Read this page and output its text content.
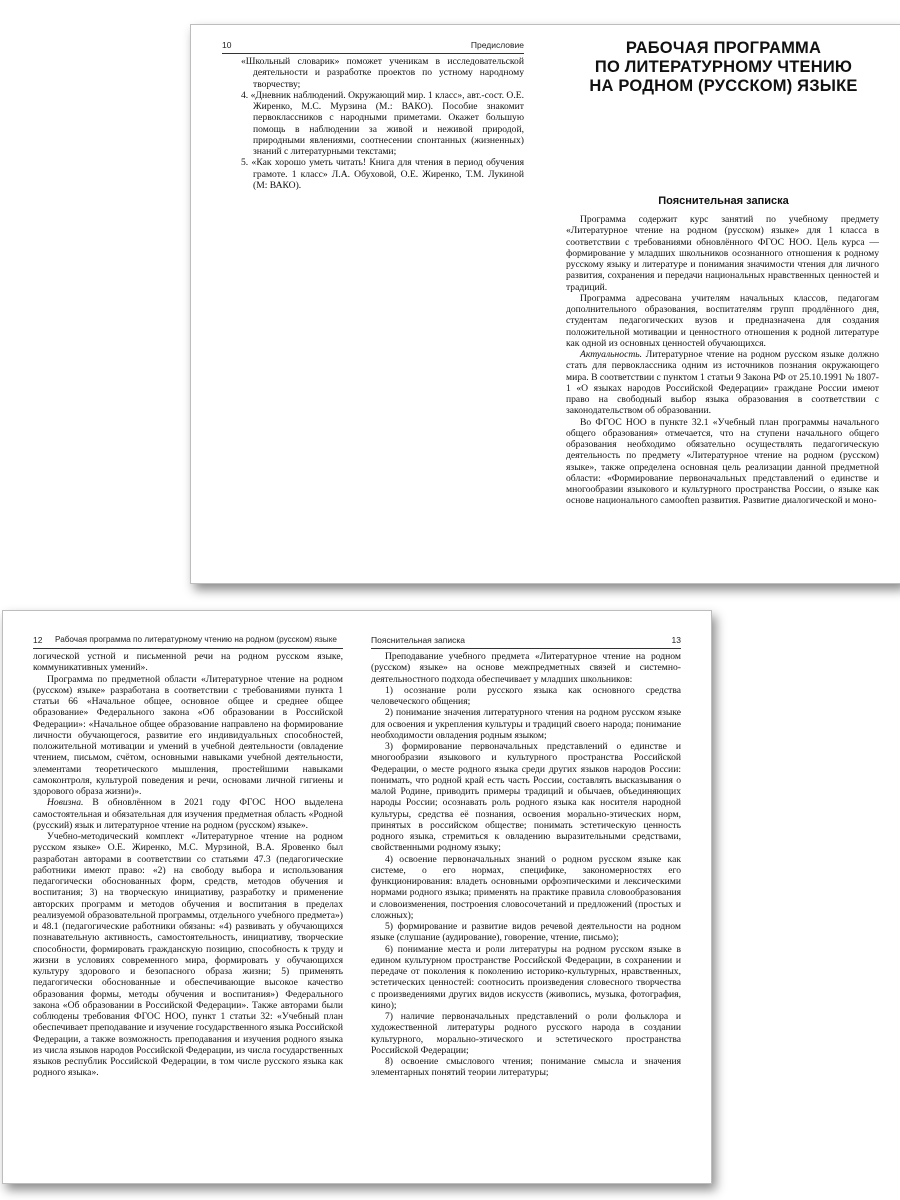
10	Предисловие

«Школьный словарик» поможет ученикам в исследовательской деятельности и разработке проектов по устному народному творчеству;

4. «Дневник наблюдений. Окружающий мир. 1 класс», авт.-сост. О.Е. Жиренко, М.С. Мурзина (М.: ВАКО). Пособие знакомит первоклассников с народными приметами. Окажет большую помощь в наблюдении за живой и неживой природой, природными явлениями, соотнесении спонтанных (жизненных) знаний с литературными текстами;

5. «Как хорошо уметь читать! Книга для чтения в период обучения грамоте. 1 класс» Л.А. Обуховой, О.Е. Жиренко, Т.М. Лукиной (М: ВАКО).

РАБОЧАЯ ПРОГРАММА
ПО ЛИТЕРАТУРНОМУ ЧТЕНИЮ
НА РОДНОМ (РУССКОМ) ЯЗЫКЕ
Пояснительная записка

Программа содержит курс занятий по учебному предмету «Литературное чтение на родном (русском) языке» для 1 класса в соответствии с требованиями обновлённого ФГОС НОО. Цель курса — формирование у младших школьников осознанного отношения к родному русскому языку и литературе и понимания значимости чтения для личного развития, сохранения и передачи национальных нравственных ценностей и традиций.

Программа адресована учителям начальных классов, педагогам дополнительного образования, воспитателям групп продлённого дня, студентам педагогических вузов и предназначена для создания положительной мотивации и ценностного отношения к родной литературе как одной из основных ценностей обучающихся.

Актуальность. Литературное чтение на родном русском языке должно стать для первоклассника одним из источников познания окружающего мира. В соответствии с пунктом 1 статьи 9 Закона РФ от 25.10.1991 № 1807-1 «О языках народов Российской Федерации» граждане России имеют право на свободный выбор языка образования в соответствии с законодательством об образовании.

Во ФГОС НОО в пункте 32.1 «Учебный план программы начального общего образования» отмечается, что на ступени начального общего образования необходимо обязательно осуществлять педагогическую деятельность по предмету «Литературное чтение на родном (русском) языке», также определена основная цель реализации данной предметной области: «Формирование первоначальных представлений о единстве и многообразии языкового и культурного пространства России, о языке как основе национального самоoften развития. Развитие диалогической и моно-

12 Рабочая программа по литературному чтению на родном (русском) языке

логической устной и письменной речи на родном русском языке, коммуникативных умений».

Программа по предметной области «Литературное чтение на родном (русском) языке» разработана в соответствии с требованиями пункта 1 статьи 66 «Начальное общее, основное общее и среднее общее образование» Федерального закона «Об образовании в Российской Федерации»: «Начальное общее образование направлено на формирование личности обучающегося, развитие его индивидуальных способностей, положительной мотивации и умений в учебной деятельности (овладение чтением, письмом, счётом, основными навыками учебной деятельности, элементами теоретического мышления, простейшими навыками самоконтроля, культурой поведения и речи, основами личной гигиены и здорового образа жизни)».

Новизна. В обновлённом в 2021 году ФГОС НОО выделена самостоятельная и обязательная для изучения предметная область «Родной (русский) язык и литературное чтение на родном (русском) языке».

Учебно-методический комплект «Литературное чтение на родном русском языке» О.Е. Жиренко, М.С. Мурзиной, В.А. Яровенко был разработан авторами в соответствии со статьями 47.3 (педагогические работники имеют право: «2) на свободу выбора и использования педагогически обоснованных форм, средств, методов обучения и воспитания; 3) на творческую инициативу, разработку и применение авторских программ и методов обучения и воспитания в пределах реализуемой образовательной программы, отдельного учебного предмета») и 48.1 (педагогические работники обязаны: «4) развивать у обучающихся познавательную активность, самостоятельность, инициативу, творческие способности, формировать гражданскую позицию, способность к труду и жизни в условиях современного мира, формировать у обучающихся культуру здорового и безопасного образа жизни; 5) применять педагогически обоснованные и обеспечивающие высокое качество образования формы, методы обучения и воспитания») Федерального закона «Об образовании в Российской Федерации». Также авторами были соблюдены требования ФГОС НОО, пункт 1 статьи 32: «Учебный план обеспечивает преподавание и изучение государственного языка Российской Федерации, а также возможность преподавания и изучения родного языка из числа языков народов Российской Федерации, из числа государственных языков республик Российской Федерации, в том числе русского языка как родного языка».

Пояснительная записка	13

Преподавание учебного предмета «Литературное чтение на родном (русском) языке» на основе межпредметных связей и системно-деятельностного подхода обеспечивает у младших школьников:

1) осознание роли русского языка как основного средства человеческого общения;

2) понимание значения литературного чтения на родном русском языке для освоения и укрепления культуры и традиций своего народа; понимание необходимости овладения родным языком;

3) формирование первоначальных представлений о единстве и многообразии языкового и культурного пространства Российской Федерации, о месте родного языка среди других языков народов России: понимать, что родной край есть часть России, составлять высказывания о малой Родине, приводить примеры традиций и обычаев, объединяющих народы России; осознавать роль родного языка как носителя народной культуры, средства её познания, освоения морально-этических норм, принятых в российском обществе; понимать эстетическую ценность родного языка, стремиться к овладению выразительными средствами, свойственными родному языку;

4) освоение первоначальных знаний о родном русском языке как системе, о его нормах, специфике, закономерностях его функционирования: владеть основными орфоэпическими и лексическими нормами родного языка; применять на практике правила словообразования и словоизменения, построения словосочетаний и предложений (простых и сложных);

5) формирование и развитие видов речевой деятельности на родном языке (слушание (аудирование), говорение, чтение, письмо);

6) понимание места и роли литературы на родном русском языке в едином культурном пространстве Российской Федерации, в сохранении и передаче от поколения к поколению историко-культурных, нравственных, эстетических ценностей: соотносить произведения словесного творчества с произведениями других видов искусств (живопись, музыка, фотография, кино);

7) наличие первоначальных представлений о роли фольклора и художественной литературы родного русского народа в создании культурного, морально-этического и эстетического пространства Российской Федерации;

8) освоение смыслового чтения; понимание смысла и значения элементарных понятий теории литературы;
